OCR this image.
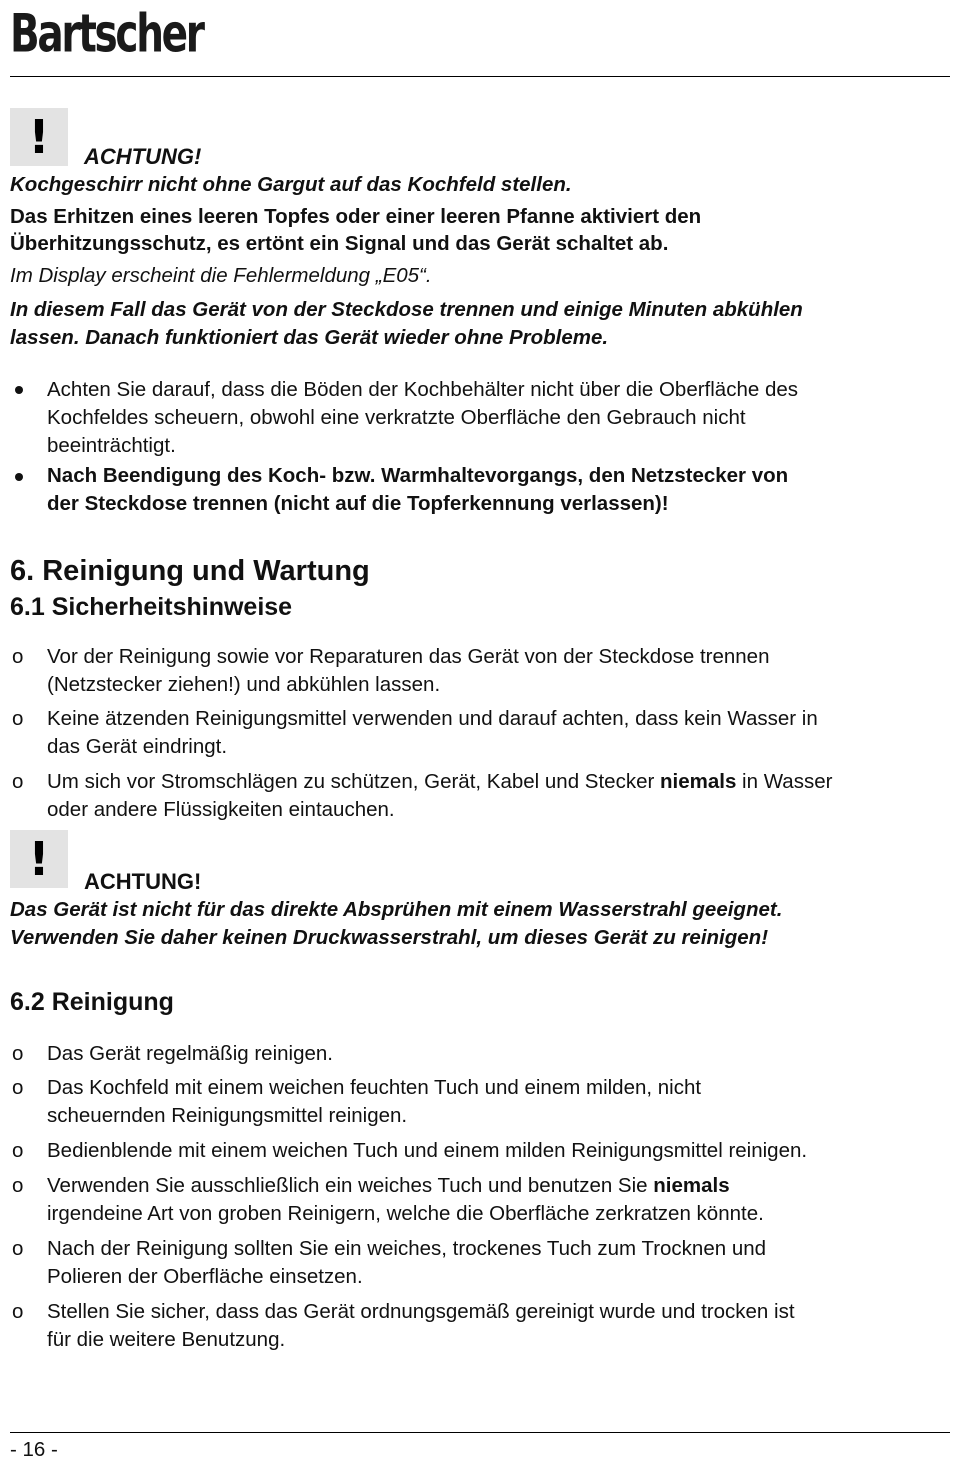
Bartscher
! ACHTUNG!
Kochgeschirr nicht ohne Gargut auf das Kochfeld stellen.
Das Erhitzen eines leeren Topfes oder einer leeren Pfanne aktiviert den
Überhitzungsschutz, es ertönt ein Signal und das Gerät schaltet ab.
Im Display erscheint die Fehlermeldung „E05“.
In diesem Fall das Gerät von der Steckdose trennen und einige Minuten abkühlen
lassen. Danach funktioniert das Gerät wieder ohne Probleme.
Achten Sie darauf, dass die Böden der Kochbehälter nicht über die Oberfläche des
Kochfeldes scheuern, obwohl eine verkratzte Oberfläche den Gebrauch nicht
beeinträchtigt.
Nach Beendigung des Koch- bzw. Warmhaltevorgangs, den Netzstecker von
der Steckdose trennen (nicht auf die Topferkennung verlassen)!
6. Reinigung und Wartung
6.1 Sicherheitshinweise
o Vor der Reinigung sowie vor Reparaturen das Gerät von der Steckdose trennen
(Netzstecker ziehen!) und abkühlen lassen.
o Keine ätzenden Reinigungsmittel verwenden und darauf achten, dass kein Wasser in
das Gerät eindringt.
o Um sich vor Stromschlägen zu schützen, Gerät, Kabel und Stecker niemals in Wasser
oder andere Flüssigkeiten eintauchen.
! ACHTUNG!
Das Gerät ist nicht für das direkte Absprühen mit einem Wasserstrahl geeignet.
Verwenden Sie daher keinen Druckwasserstrahl, um dieses Gerät zu reinigen!
6.2 Reinigung
o Das Gerät regelmäßig reinigen.
o Das Kochfeld mit einem weichen feuchten Tuch und einem milden, nicht
scheuernden Reinigungsmittel reinigen.
o Bedienblende mit einem weichen Tuch und einem milden Reinigungsmittel reinigen.
o Verwenden Sie ausschließlich ein weiches Tuch und benutzen Sie niemals
irgendeine Art von groben Reinigern, welche die Oberfläche zerkratzen könnte.
o Nach der Reinigung sollten Sie ein weiches, trockenes Tuch zum Trocknen und
Polieren der Oberfläche einsetzen.
o Stellen Sie sicher, dass das Gerät ordnungsgemäß gereinigt wurde und trocken ist
für die weitere Benutzung.
- 16 -
